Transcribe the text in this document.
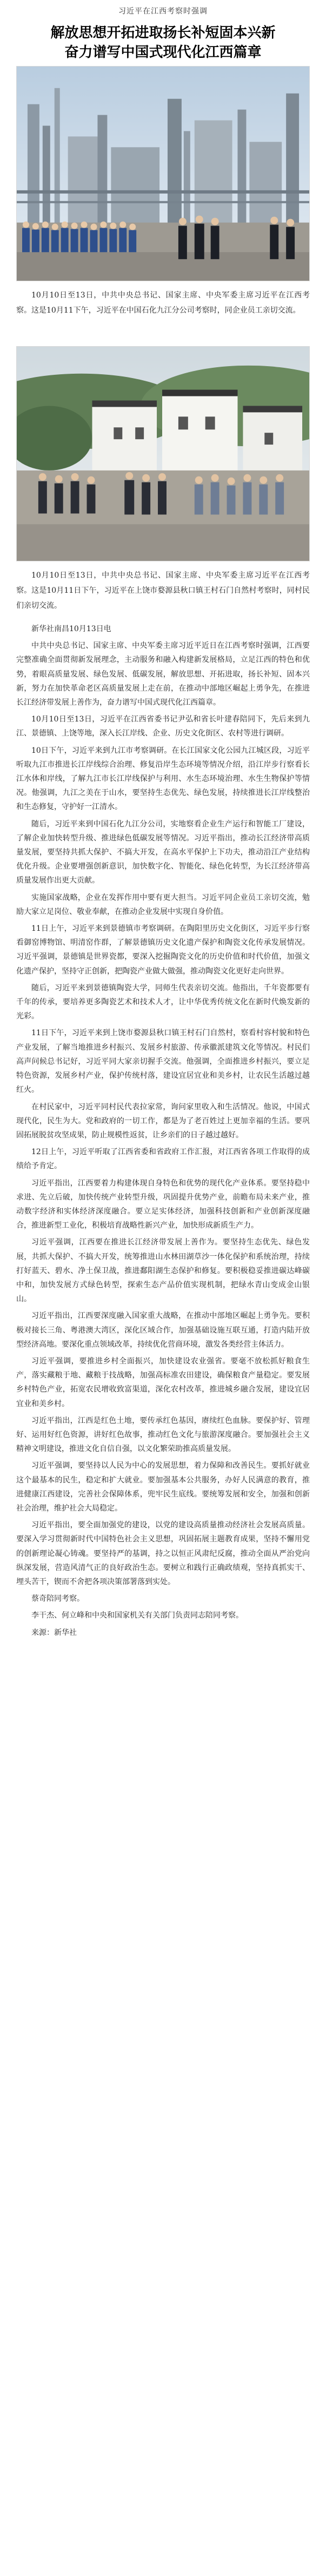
习近平在江西考察时强调
解放思想开拓进取扬长补短固本兴新
奋力谱写中国式现代化江西篇章
10月10日至13日，中共中央总书记、国家主席、中央军委主席习近平在江西考察。这是10月11下午，习近平在中国石化九江分公司考察时，同企业员工亲切交流。
10月10日至13日，中共中央总书记、国家主席、中央军委主席习近平在江西考察。这是10月11日下午，习近平在上饶市婺源县秋口镇王村石门自然村考察时，同村民们亲切交流。

新华社南昌10月13日电

中共中央总书记、国家主席、中央军委主席习近平近日在江西考察时强调，江西要完整准确全面贯彻新发展理念，主动服务和融入构建新发展格局，立足江西的特色和优势，着眼高质量发展、绿色发展、低碳发展，解放思想、开拓进取，扬长补短、固本兴新，努力在加快革命老区高质量发展上走在前，在推动中部地区崛起上勇争先，在推进长江经济带发展上善作为，奋力谱写中国式现代化江西篇章。

10月10日至13日，习近平在江西省委书记尹弘和省长叶建春陪同下，先后来到九江、景德镇、上饶等地，深入长江岸线、企业、历史文化街区、农村等进行调研。

10日下午，习近平来到九江市考察调研。在长江国家文化公园九江城区段，习近平听取九江市推进长江岸线综合治理、修复沿岸生态环境等情况介绍，沿江岸步行察看长江水体和岸线，了解九江市长江岸线保护与利用、水生态环境治理、水生生物保护等情况。他强调，九江之美在于山水，要坚持生态优先、绿色发展，持续推进长江岸线整治和生态修复，守护好一江清水。

随后，习近平来到中国石化九江分公司，实地察看企业生产运行和智能工厂建设，了解企业加快转型升级、推进绿色低碳发展等情况。习近平指出，推动长江经济带高质量发展，要坚持共抓大保护、不搞大开发，在高水平保护上下功夫，推动沿江产业结构优化升级。企业要增强创新意识，加快数字化、智能化、绿色化转型，为长江经济带高质量发展作出更大贡献。

实施国家战略，企业在发挥作用中要有更大担当。习近平同企业员工亲切交流，勉励大家立足岗位、敬业奉献，在推动企业发展中实现自身价值。

11日上午，习近平来到景德镇市考察调研。在陶阳里历史文化街区，习近平步行察看御窑博物馆、明清窑作群，了解景德镇历史文化遗产保护和陶瓷文化传承发展情况。习近平强调，景德镇是世界瓷都，要深入挖掘陶瓷文化的历史价值和时代价值，加强文化遗产保护，坚持守正创新，把陶瓷产业做大做强，推动陶瓷文化更好走向世界。

随后，习近平来到景德镇陶瓷大学，同师生代表亲切交流。他指出，千年瓷都要有千年的传承，要培养更多陶瓷艺术和技术人才，让中华优秀传统文化在新时代焕发新的光彩。

11日下午，习近平来到上饶市婺源县秋口镇王村石门自然村，察看村容村貌和特色产业发展，了解当地推进乡村振兴、发展乡村旅游、传承徽派建筑文化等情况。村民们高声问候总书记好，习近平同大家亲切握手交流。他强调，全面推进乡村振兴，要立足特色资源，发展乡村产业，保护传统村落，建设宜居宜业和美乡村，让农民生活越过越红火。

在村民家中，习近平同村民代表拉家常，询问家里收入和生活情况。他说，中国式现代化，民生为大。党和政府的一切工作，都是为了老百姓过上更加幸福的生活。要巩固拓展脱贫攻坚成果，防止规模性返贫，让乡亲们的日子越过越好。

12日上午，习近平听取了江西省委和省政府工作汇报，对江西省各项工作取得的成绩给予肯定。

习近平指出，江西要着力构建体现自身特色和优势的现代化产业体系。要坚持稳中求进、先立后破，加快传统产业转型升级，巩固提升优势产业，前瞻布局未来产业，推动数字经济和实体经济深度融合。要立足实体经济，加强科技创新和产业创新深度融合，推进新型工业化，积极培育战略性新兴产业，加快形成新质生产力。

习近平强调，江西要在推进长江经济带发展上善作为。要坚持生态优先、绿色发展，共抓大保护、不搞大开发，统筹推进山水林田湖草沙一体化保护和系统治理，持续打好蓝天、碧水、净土保卫战，推进鄱阳湖生态保护和修复。要积极稳妥推进碳达峰碳中和，加快发展方式绿色转型，探索生态产品价值实现机制，把绿水青山变成金山银山。

习近平指出，江西要深度融入国家重大战略，在推动中部地区崛起上勇争先。要积极对接长三角、粤港澳大湾区，深化区域合作，加强基础设施互联互通，打造内陆开放型经济高地。要深化重点领域改革，持续优化营商环境，激发各类经营主体活力。

习近平强调，要推进乡村全面振兴，加快建设农业强省。要毫不放松抓好粮食生产，落实藏粮于地、藏粮于技战略，加强高标准农田建设，确保粮食产量稳定。要发展乡村特色产业，拓宽农民增收致富渠道，深化农村改革，推进城乡融合发展，建设宜居宜业和美乡村。

习近平指出，江西是红色土地，要传承红色基因，赓续红色血脉。要保护好、管理好、运用好红色资源，讲好红色故事，推动红色文化与旅游深度融合。要加强社会主义精神文明建设，推进文化自信自强，以文化繁荣助推高质量发展。

习近平强调，要坚持以人民为中心的发展思想，着力保障和改善民生。要抓好就业这个最基本的民生，稳定和扩大就业。要加强基本公共服务，办好人民满意的教育，推进健康江西建设，完善社会保障体系，兜牢民生底线。要统筹发展和安全，加强和创新社会治理，维护社会大局稳定。

习近平指出，要全面加强党的建设，以党的建设高质量推动经济社会发展高质量。要深入学习贯彻新时代中国特色社会主义思想，巩固拓展主题教育成果，坚持不懈用党的创新理论凝心铸魂。要坚持严的基调，持之以恒正风肃纪反腐，推动全面从严治党向纵深发展，营造风清气正的良好政治生态。要树立和践行正确政绩观，坚持真抓实干、埋头苦干，锲而不舍把各项决策部署落到实处。

蔡奇陪同考察。

李干杰、何立峰和中央和国家机关有关部门负责同志陪同考察。

来源：新华社
